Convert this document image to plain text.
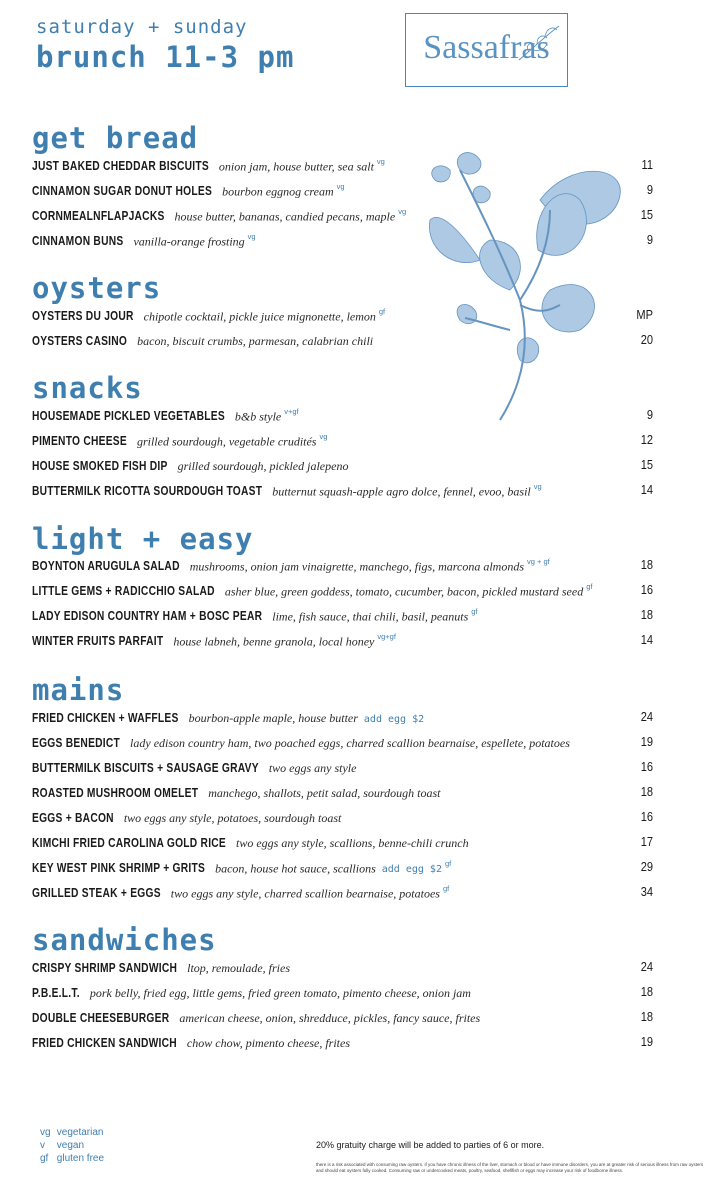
saturday + sunday
brunch 11-3 pm	Sassafras
get bread
JUST BAKED CHEDDAR BISCUITS onion jam, house butter, sea salt $^{vg}$	11
CINNAMON SUGAR DONUT HOLES bourbon eggnog cream $^{vg}$	9
CORNMEALNFLAPJACKS house butter, bananas, candied pecans, maple $^{vg}$	15
CINNAMON BUNS vanilla-orange frosting $^{vg}$	9
oysters
OYSTERS DU JOUR chipotle cocktail, pickle juice mignonette, lemon $^{gf}$	MP
OYSTERS CASINO bacon, biscuit crumbs, parmesan, calabrian chili	20
snacks
HOUSEMADE PICKLED VEGETABLES b&b style $^{v+gf}$	9
PIMENTO CHEESE grilled sourdough, vegetable crudités $^{vg}$	12
HOUSE SMOKED FISH DIP grilled sourdough, pickled jalepeno	15
BUTTERMILK RICOTTA SOURDOUGH TOAST butternut squash-apple agro dolce, fennel, evoo, basil $^{vg}$	14
light + easy
BOYNTON ARUGULA SALAD mushrooms, onion jam vinaigrette, manchego, figs, marcona almonds $^{vg + gf}$	18
LITTLE GEMS + RADICCHIO SALAD asher blue, green goddess, tomato, cucumber, bacon, pickled mustard seed $^{gf}$	16
LADY EDISON COUNTRY HAM + BOSC PEAR lime, fish sauce, thai chili, basil, peanuts $^{gf}$	18
WINTER FRUITS PARFAIT house labneh, benne granola, local honey $^{vg+gf}$	14
mains
FRIED CHICKEN + WAFFLES bourbon-apple maple, house butter add egg $2	24
EGGS BENEDICT lady edison country ham, two poached eggs, charred scallion bearnaise, espellete, potatoes	19
BUTTERMILK BISCUITS + SAUSAGE GRAVY two eggs any style	16
ROASTED MUSHROOM OMELET manchego, shallots, petit salad, sourdough toast	18
EGGS + BACON two eggs any style, potatoes, sourdough toast	16
KIMCHI FRIED CAROLINA GOLD RICE two eggs any style, scallions, benne-chili crunch	17
KEY WEST PINK SHRIMP + GRITS bacon, house hot sauce, scallions add egg $\$2^{gf}$	29
GRILLED STEAK + EGGS two eggs any style, charred scallion bearnaise, potatoes $^{gf}$	34
sandwiches
CRISPY SHRIMP SANDWICH ltop, remoulade, fries	24
P.B.E.L.T. pork belly, fried egg, little gems, fried green tomato, pimento cheese, onion jam	18
DOUBLE CHEESEBURGER american cheese, onion, shredduce, pickles, fancy sauce, frites	18
FRIED CHICKEN SANDWICH chow chow, pimento cheese, frites	19
vg vegetarian
v vegan
gf gluten free
20% gratuity charge will be added to parties of 6 or more.
there is a risk associated with consuming raw oysters. if you have chronic illness of the liver, stomach or blood or have immune disorders, you are at greater risk of serious illness from raw oysters and should eat oysters fully cooked. Consuming raw or undercooked meats, poultry, seafood, shellfish or eggs may increase your risk of foodborne illness.
